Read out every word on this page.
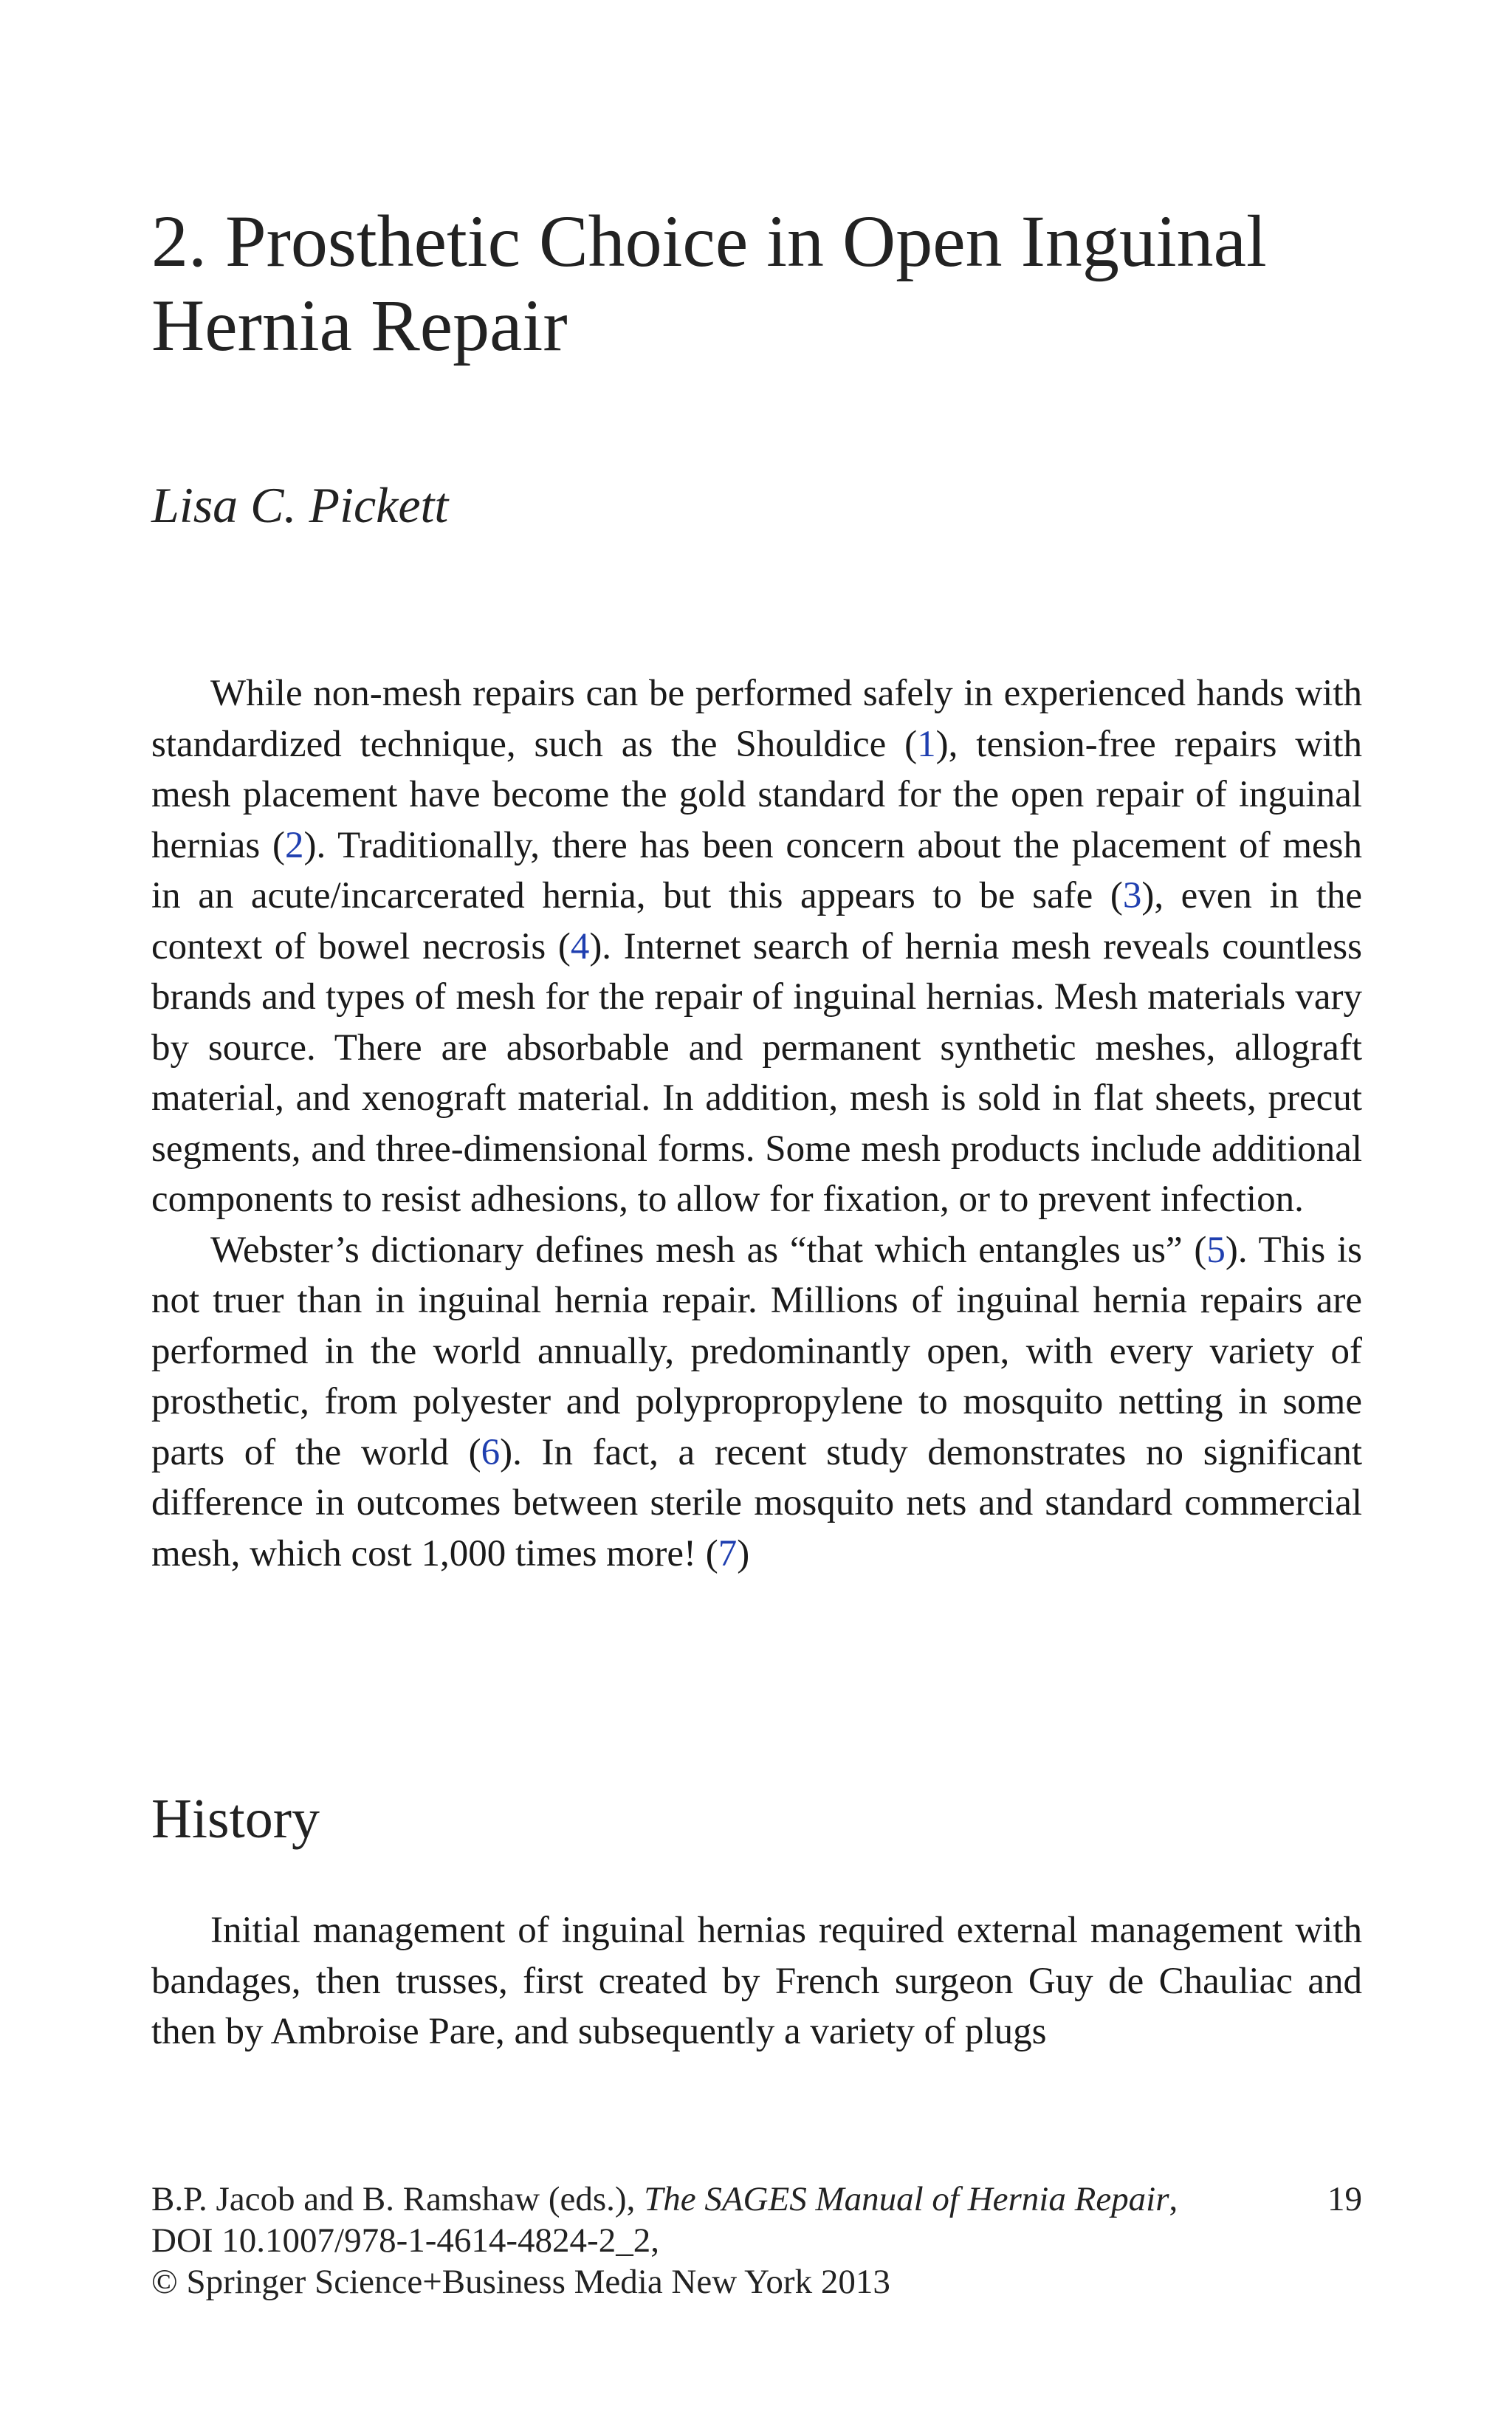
2. Prosthetic Choice in Open Inguinal Hernia Repair

Lisa C. Pickett

While non-mesh repairs can be performed safely in experienced hands with standardized technique, such as the Shouldice (1), tension-free repairs with mesh placement have become the gold standard for the open repair of inguinal hernias (2). Traditionally, there has been concern about the placement of mesh in an acute/incarcerated hernia, but this appears to be safe (3), even in the context of bowel necrosis (4). Internet search of hernia mesh reveals countless brands and types of mesh for the repair of inguinal hernias. Mesh materials vary by source. There are absorbable and permanent synthetic meshes, allograft material, and xenograft material. In addition, mesh is sold in flat sheets, precut segments, and three-dimensional forms. Some mesh products include additional components to resist adhesions, to allow for fixation, or to prevent infection.

Webster’s dictionary defines mesh as “that which entangles us” (5). This is not truer than in inguinal hernia repair. Millions of inguinal hernia repairs are performed in the world annually, predominantly open, with every variety of prosthetic, from polyester and polypropropylene to mosquito netting in some parts of the world (6). In fact, a recent study demonstrates no significant difference in outcomes between sterile mosquito nets and standard commercial mesh, which cost 1,000 times more! (7)

History

Initial management of inguinal hernias required external management with bandages, then trusses, first created by French surgeon Guy de Chauliac and then by Ambroise Pare, and subsequently a variety of plugs

B.P. Jacob and B. Ramshaw (eds.), The SAGES Manual of Hernia Repair,
DOI 10.1007/978-1-4614-4824-2_2,
© Springer Science+Business Media New York 2013
19
